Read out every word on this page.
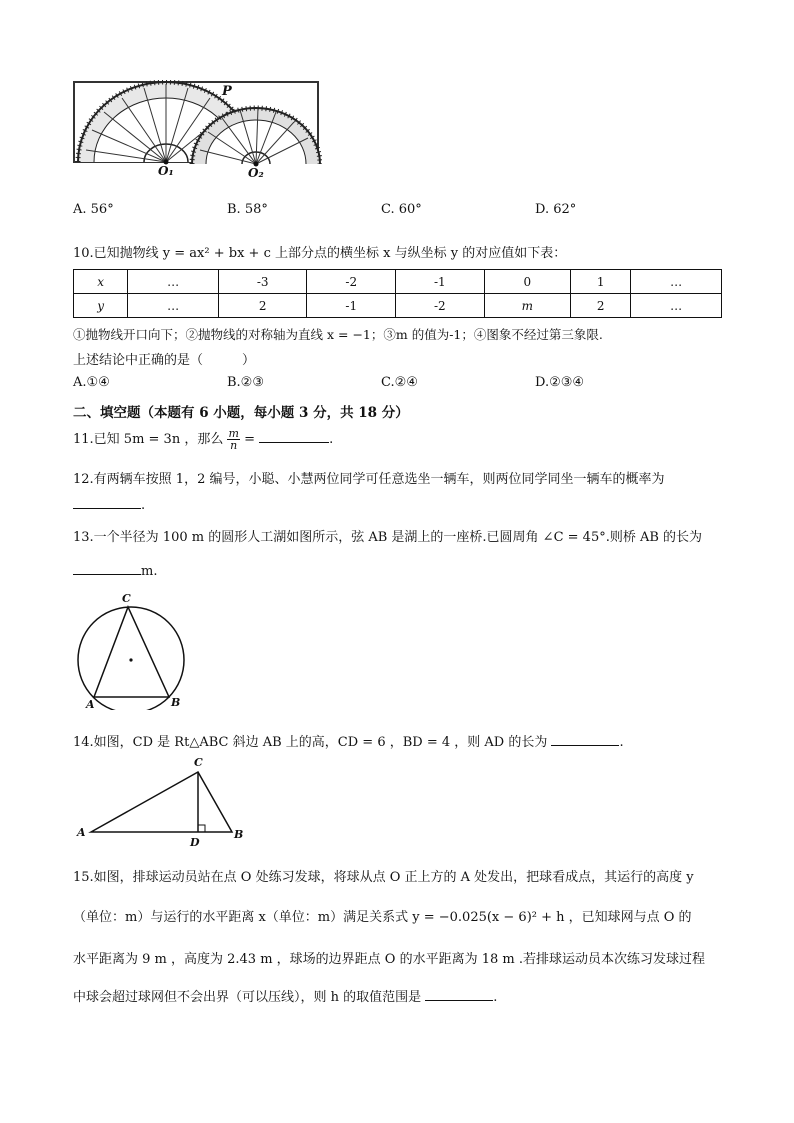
P
O₁	O₂
A. 56°	B. 58°	C. 60°	D. 62°
10.已知抛物线 y = ax² + bx + c 上部分点的横坐标 x 与纵坐标 y 的对应值如下表：
x	…	-3	-2	-1	0	1	…
y	…	2	-1	-2	m	2	…
①抛物线开口向下；②抛物线的对称轴为直线 x = −1；③m 的值为-1；④图象不经过第三象限.
上述结论中正确的是（　　　）
A.①④	B.②③	C.②④	D.②③④
二、填空题（本题有 6 小题，每小题 3 分，共 18 分）
11.已知 5m = 3n ，那么 $\frac{m}{n}$ =	.
12.有两辆车按照 1，2 编号，小聪、小慧两位同学可任意选坐一辆车，则两位同学同坐一辆车的概率为
.
13.一个半径为 100 m 的圆形人工湖如图所示，弦 AB 是湖上的一座桥.已圆周角 ∠C = 45°.则桥 AB 的长为
m.
C
A	B
14.如图，CD 是 Rt△ABC 斜边 AB 上的高，CD = 6 ，BD = 4 ，则 AD 的长为	.
C
A
D
B
15.如图，排球运动员站在点 O 处练习发球，将球从点 O 正上方的 A 处发出，把球看成点，其运行的高度 y
（单位：m）与运行的水平距离 x（单位：m）满足关系式 y = −0.025(x − 6)² + h ，已知球网与点 O 的
水平距离为 9 m ，高度为 2.43 m ，球场的边界距点 O 的水平距离为 18 m .若排球运动员本次练习发球过程
中球会超过球网但不会出界（可以压线），则 h 的取值范围是	.
